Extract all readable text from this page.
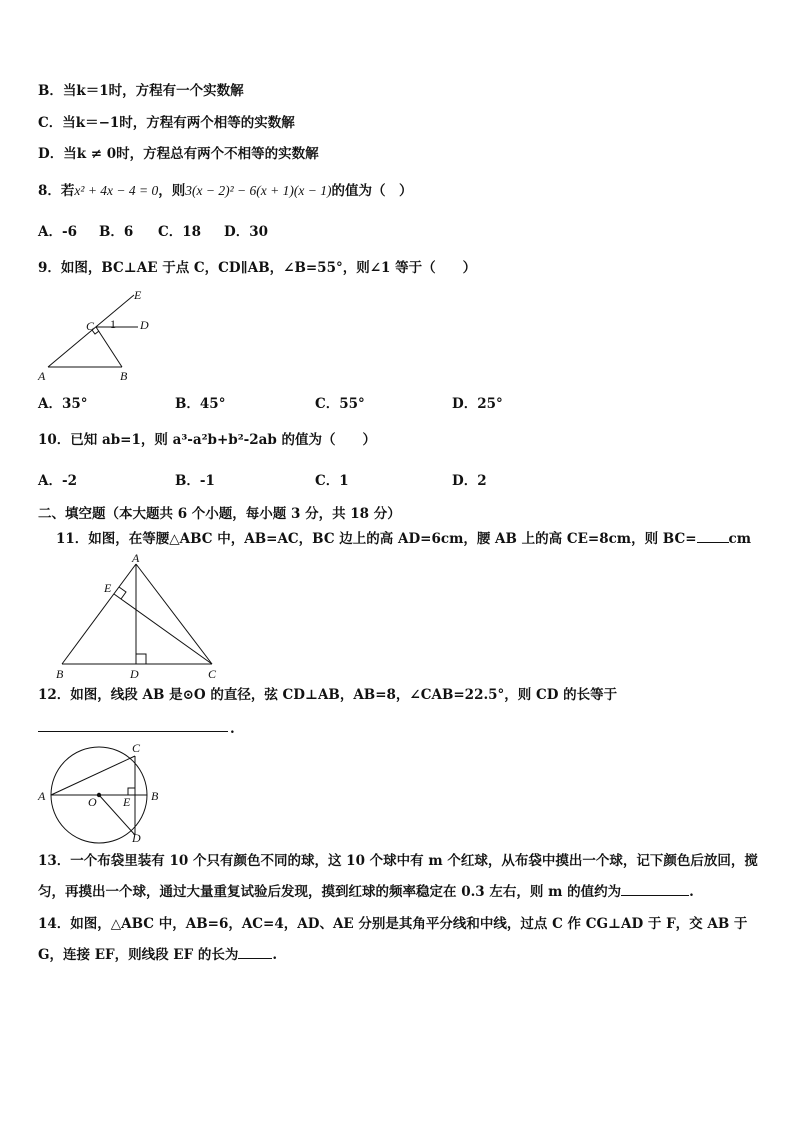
B．当k＝1时，方程有一个实数解
C．当k＝−1时，方程有两个相等的实数解
D．当k ≠ 0时，方程总有两个不相等的实数解
8．若x² + 4x − 4 = 0，则3(x − 2)² − 6(x + 1)(x − 1)的值为（　）
A．-6 B．6 C．18 D．30
9．如图，BC⊥AE 于点 C，CD∥AB，∠B=55°，则∠1 等于（　　）
E
C 1 D
A	B
A．35°	B．45°	C．55°	D．25°
10．已知 ab=1，则 a³-a²b+b²-2ab 的值为（　　）
A．-2	B．-1	C．1	D．2
二、填空题（本大题共 6 个小题，每小题 3 分，共 18 分）
11．如图，在等腰△ABC 中，AB=AC，BC 边上的高 AD=6cm，腰 AB 上的高 CE=8cm，则 BC= cm
A
E
B	D	C
12．如图，线段 AB 是⊙O 的直径，弦 CD⊥AB，AB=8，∠CAB=22.5°，则 CD 的长等于
.
C
A	O E B
D
13．一个布袋里装有 10 个只有颜色不同的球，这 10 个球中有 m 个红球，从布袋中摸出一个球，记下颜色后放回，搅匀，再摸出一个球，通过大量重复试验后发现，摸到红球的频率稳定在 0.3 左右，则 m 的值约为	.
14．如图，△ABC 中，AB=6，AC=4，AD、AE 分别是其角平分线和中线，过点 C 作 CG⊥AD 于 F，交 AB 于 G，连接 EF，则线段 EF 的长为	.
